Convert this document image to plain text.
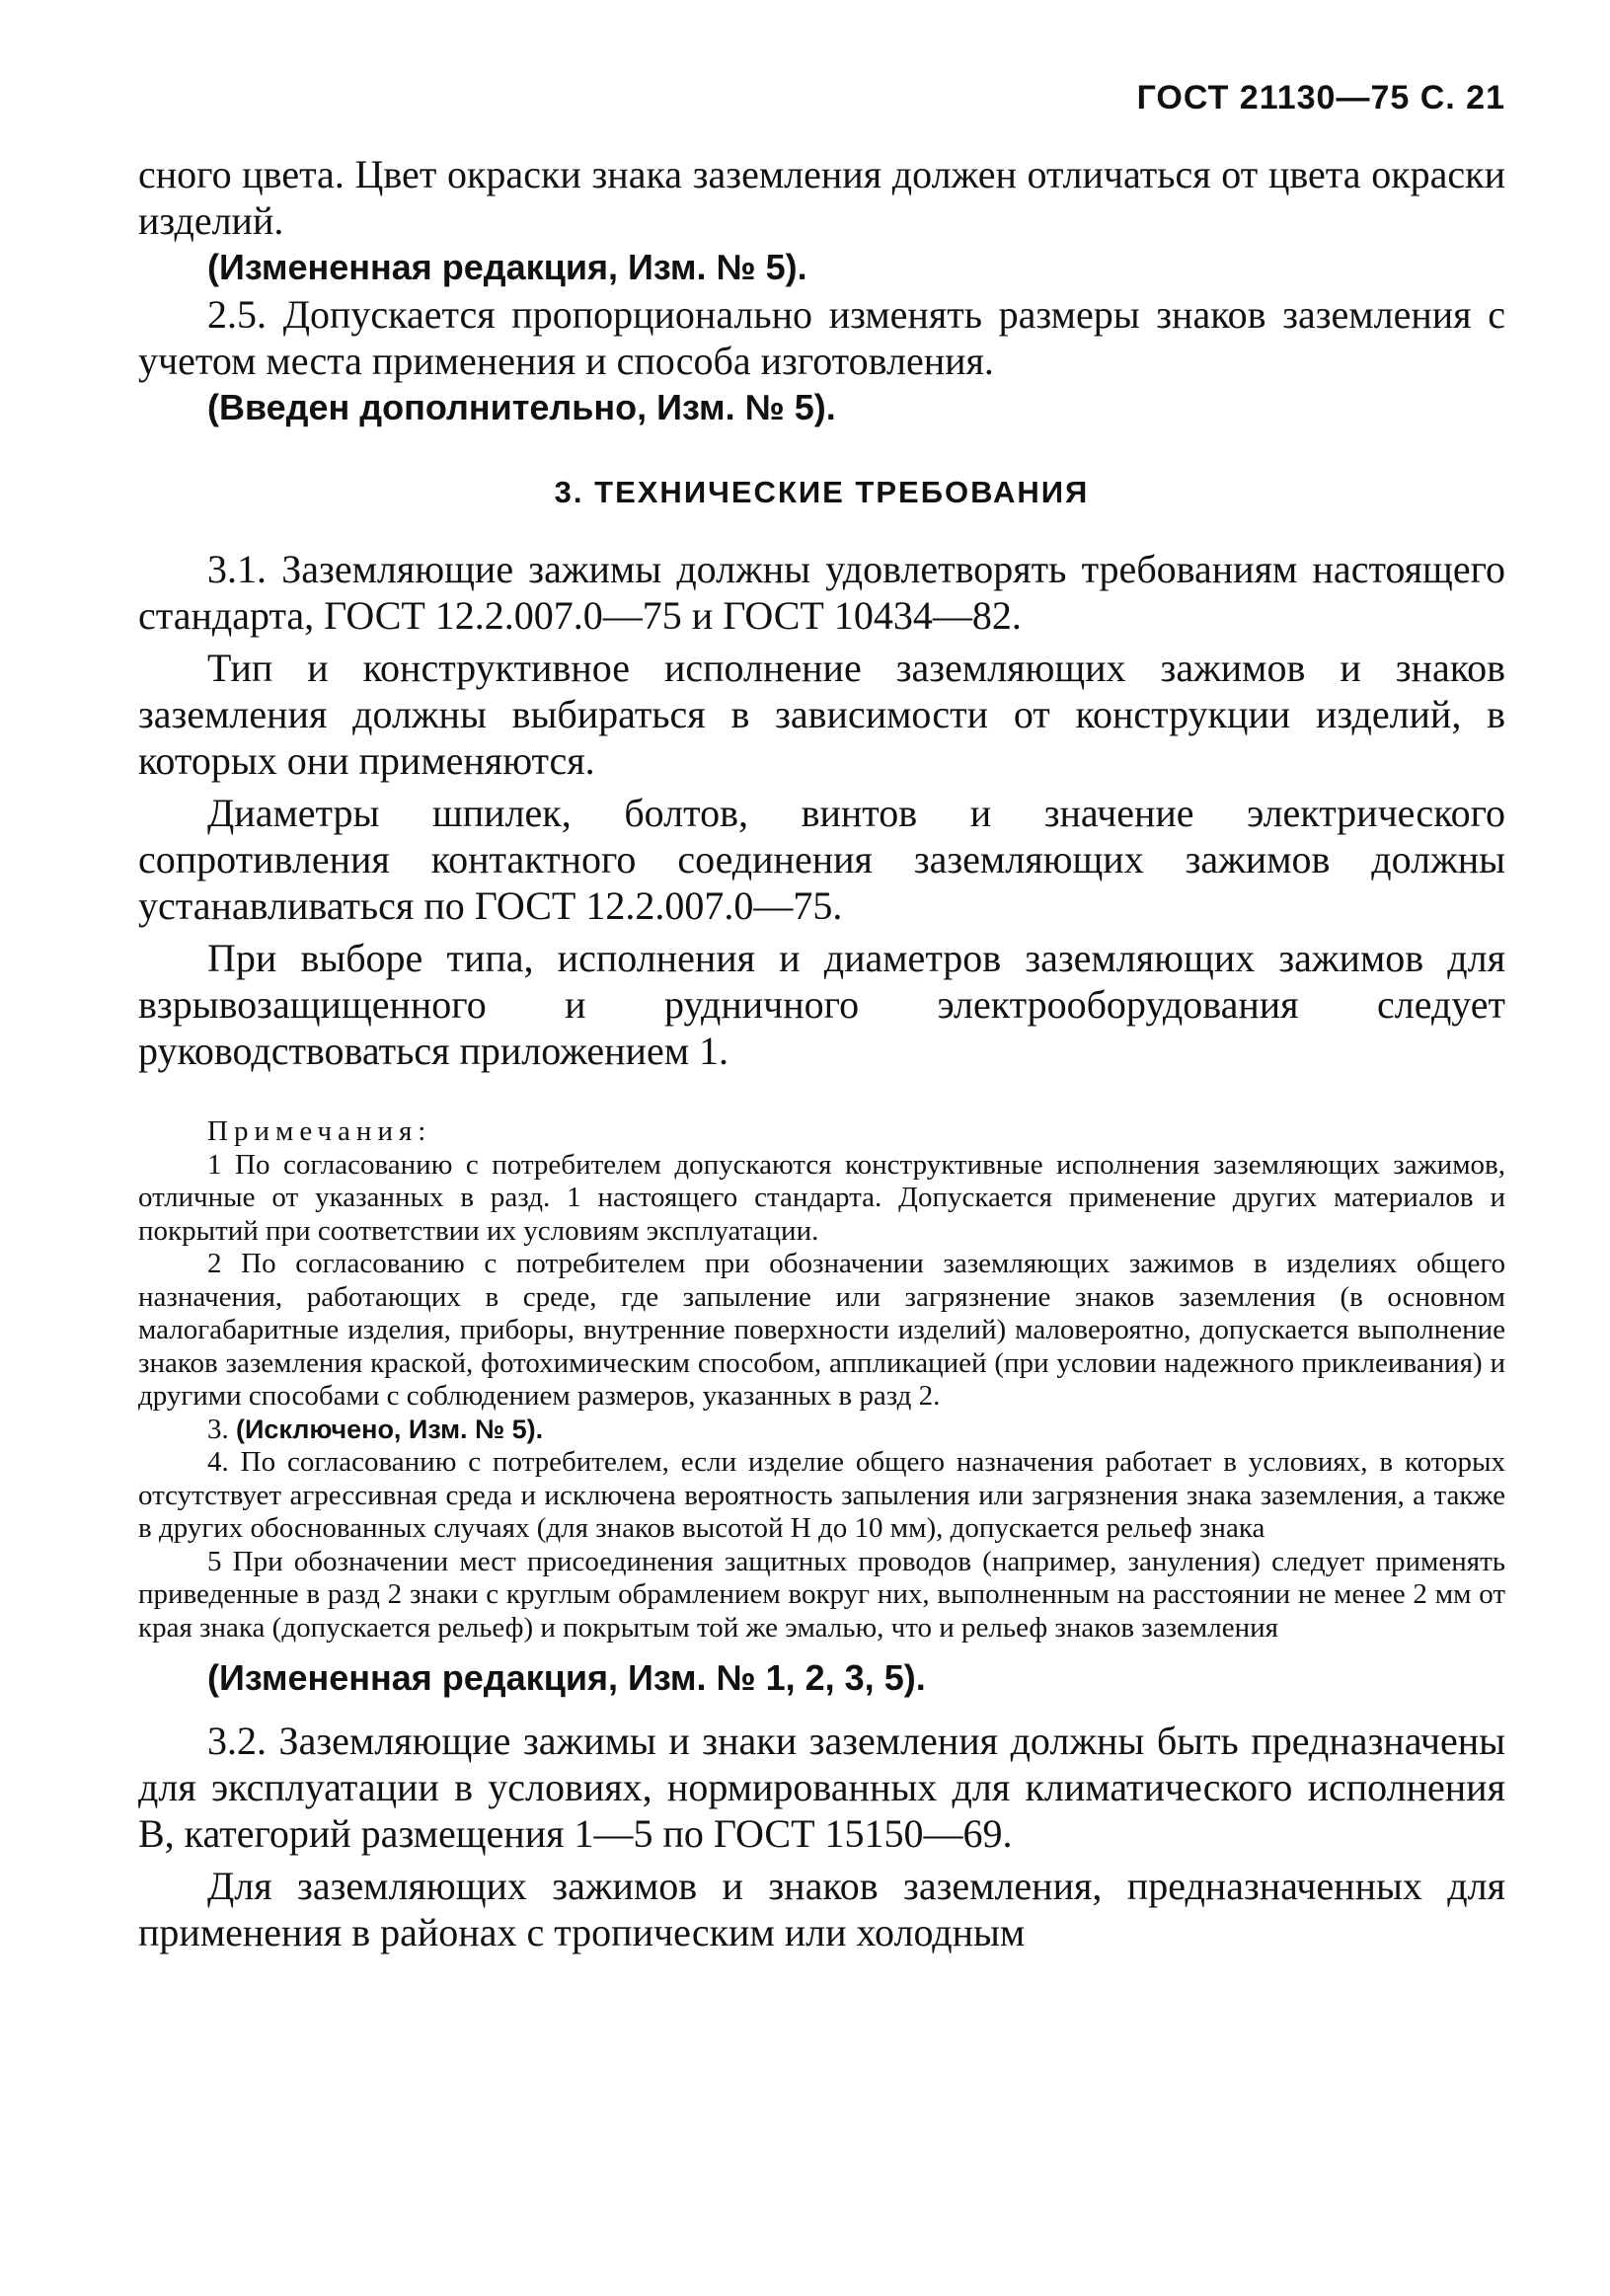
ГОСТ 21130—75 С. 21

сного цвета. Цвет окраски знака заземления должен отличаться от цвета окраски изделий.

(Измененная редакция, Изм. № 5).

2.5. Допускается пропорционально изменять размеры знаков заземления с учетом места применения и способа изготовления.

(Введен дополнительно, Изм. № 5).

3. ТЕХНИЧЕСКИЕ ТРЕБОВАНИЯ

3.1. Заземляющие зажимы должны удовлетворять требованиям настоящего стандарта, ГОСТ 12.2.007.0—75 и ГОСТ 10434—82.

Тип и конструктивное исполнение заземляющих зажимов и знаков заземления должны выбираться в зависимости от конструкции изделий, в которых они применяются.

Диаметры шпилек, болтов, винтов и значение электрического сопротивления контактного соединения заземляющих зажимов должны устанавливаться по ГОСТ 12.2.007.0—75.

При выборе типа, исполнения и диаметров заземляющих зажимов для взрывозащищенного и рудничного электрооборудования следует руководствоваться приложением 1.

Примечания:

1 По согласованию с потребителем допускаются конструктивные исполнения заземляющих зажимов, отличные от указанных в разд. 1 настоящего стандарта. Допускается применение других материалов и покрытий при соответствии их условиям эксплуатации.

2 По согласованию с потребителем при обозначении заземляющих зажимов в изделиях общего назначения, работающих в среде, где запыление или загрязнение знаков заземления (в основном малогабаритные изделия, приборы, внутренние поверхности изделий) маловероятно, допускается выполнение знаков заземления краской, фотохимическим способом, аппликацией (при условии надежного приклеивания) и другими способами с соблюдением размеров, указанных в разд 2.

3. (Исключено, Изм. № 5).

4. По согласованию с потребителем, если изделие общего назначения работает в условиях, в которых отсутствует агрессивная среда и исключена вероятность запыления или загрязнения знака заземления, а также в других обоснованных случаях (для знаков высотой Н до 10 мм), допускается рельеф знака

5 При обозначении мест присоединения защитных проводов (например, зануления) следует применять приведенные в разд 2 знаки с круглым обрамлением вокруг них, выполненным на расстоянии не менее 2 мм от края знака (допускается рельеф) и покрытым той же эмалью, что и рельеф знаков заземления

(Измененная редакция, Изм. № 1, 2, 3, 5).

3.2. Заземляющие зажимы и знаки заземления должны быть предназначены для эксплуатации в условиях, нормированных для климатического исполнения В, категорий размещения 1—5 по ГОСТ 15150—69.

Для заземляющих зажимов и знаков заземления, предназначенных для применения в районах с тропическим или холодным
